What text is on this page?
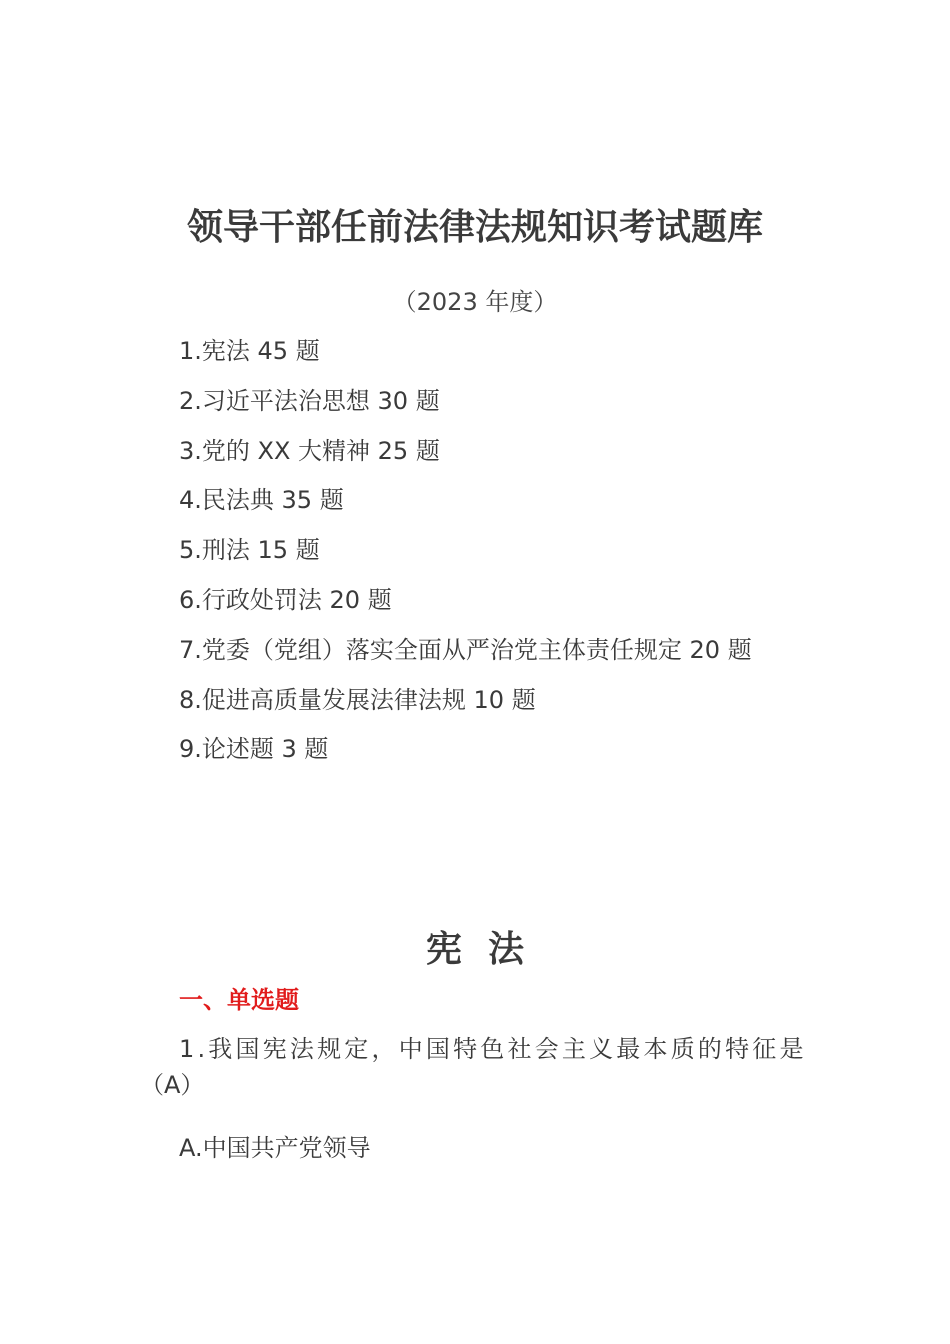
领导干部任前法律法规知识考试题库
（2023 年度）
1.宪法 45 题
2.习近平法治思想 30 题
3.党的 XX 大精神 25 题
4.民法典 35 题
5.刑法 15 题
6.行政处罚法 20 题
7.党委（党组）落实全面从严治党主体责任规定 20 题
8.促进高质量发展法律法规 10 题
9.论述题 3 题
宪法
一、单选题
1.我国宪法规定，中国特色社会主义最本质的特征是
（A）
A.中国共产党领导
